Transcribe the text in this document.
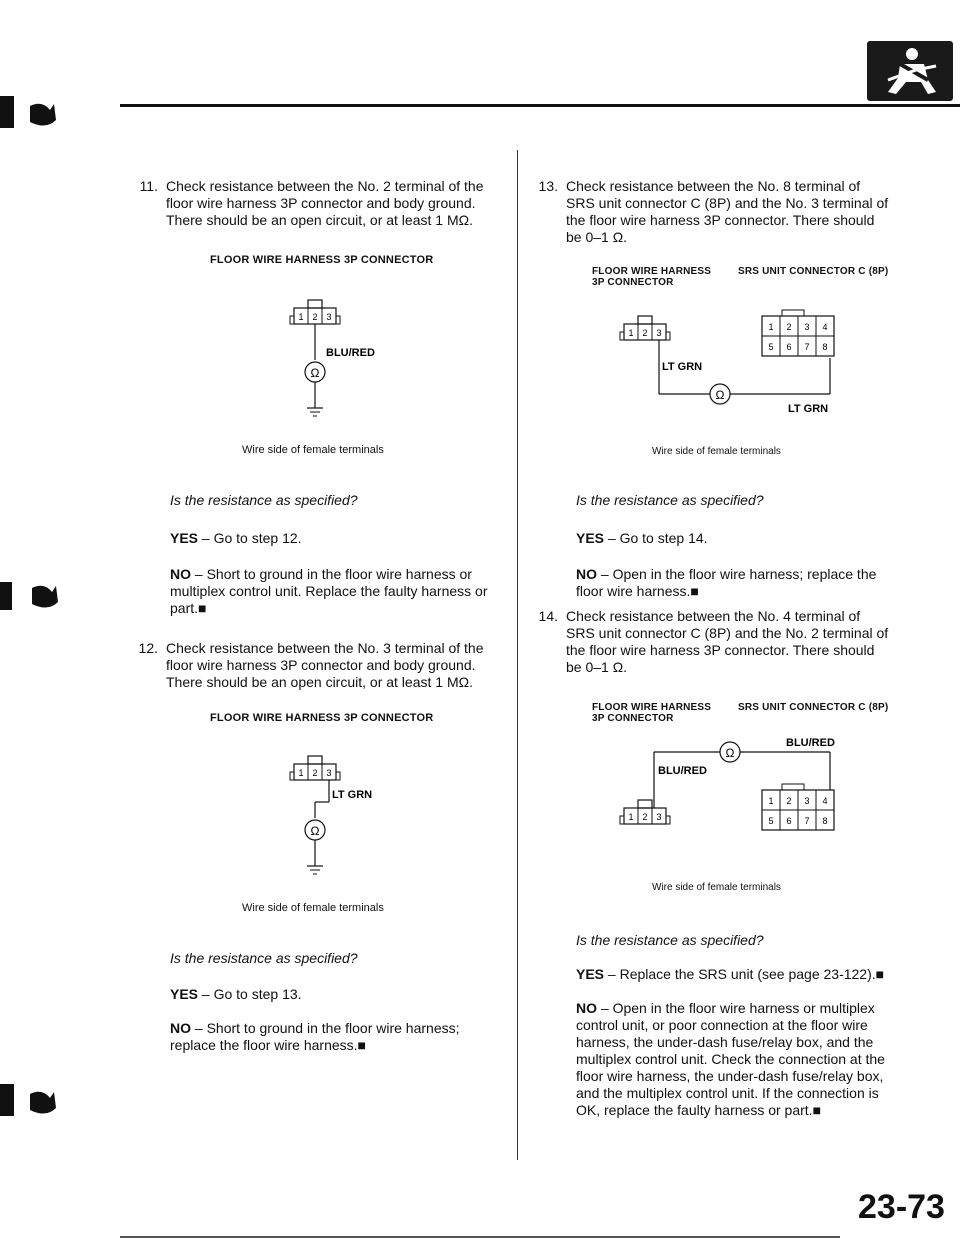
11. Check resistance between the No. 2 terminal of the
floor wire harness 3P connector and body ground.
There should be an open circuit, or at least 1 MΩ.
FLOOR WIRE HARNESS 3P CONNECTOR
1 2 3
Ω
BLU/RED
Wire side of female terminals
Is the resistance as specified?
YES – Go to step 12.
NO – Short to ground in the floor wire harness or
multiplex control unit. Replace the faulty harness or
part.■
12. Check resistance between the No. 3 terminal of the
floor wire harness 3P connector and body ground.
There should be an open circuit, or at least 1 MΩ.
FLOOR WIRE HARNESS 3P CONNECTOR
1 2 3
Ω
LT GRN
Wire side of female terminals
Is the resistance as specified?
YES – Go to step 13.
NO – Short to ground in the floor wire harness;
replace the floor wire harness.■
13. Check resistance between the No. 8 terminal of
SRS unit connector C (8P) and the No. 3 terminal of
the floor wire harness 3P connector. There should
be 0–1 Ω.
FLOOR WIRE HARNESS
3P CONNECTOR
SRS UNIT CONNECTOR C (8P)
1 2 3
Ω
LT GRN
LT GRN
1 2 3 4
5 6 7 8
Wire side of female terminals
Is the resistance as specified?
YES – Go to step 14.
NO – Open in the floor wire harness; replace the
floor wire harness.■
14. Check resistance between the No. 4 terminal of
SRS unit connector C (8P) and the No. 2 terminal of
the floor wire harness 3P connector. There should
be 0–1 Ω.
FLOOR WIRE HARNESS
3P CONNECTOR
SRS UNIT CONNECTOR C (8P)
Ω
BLU/RED
BLU/RED
1 2 3
1 2 3 4
5 6 7 8
Wire side of female terminals
Is the resistance as specified?
YES – Replace the SRS unit (see page 23-122).■
NO – Open in the floor wire harness or multiplex
control unit, or poor connection at the floor wire
harness, the under-dash fuse/relay box, and the
multiplex control unit. Check the connection at the
floor wire harness, the under-dash fuse/relay box,
and the multiplex control unit. If the connection is
OK, replace the faulty harness or part.■
23-73
